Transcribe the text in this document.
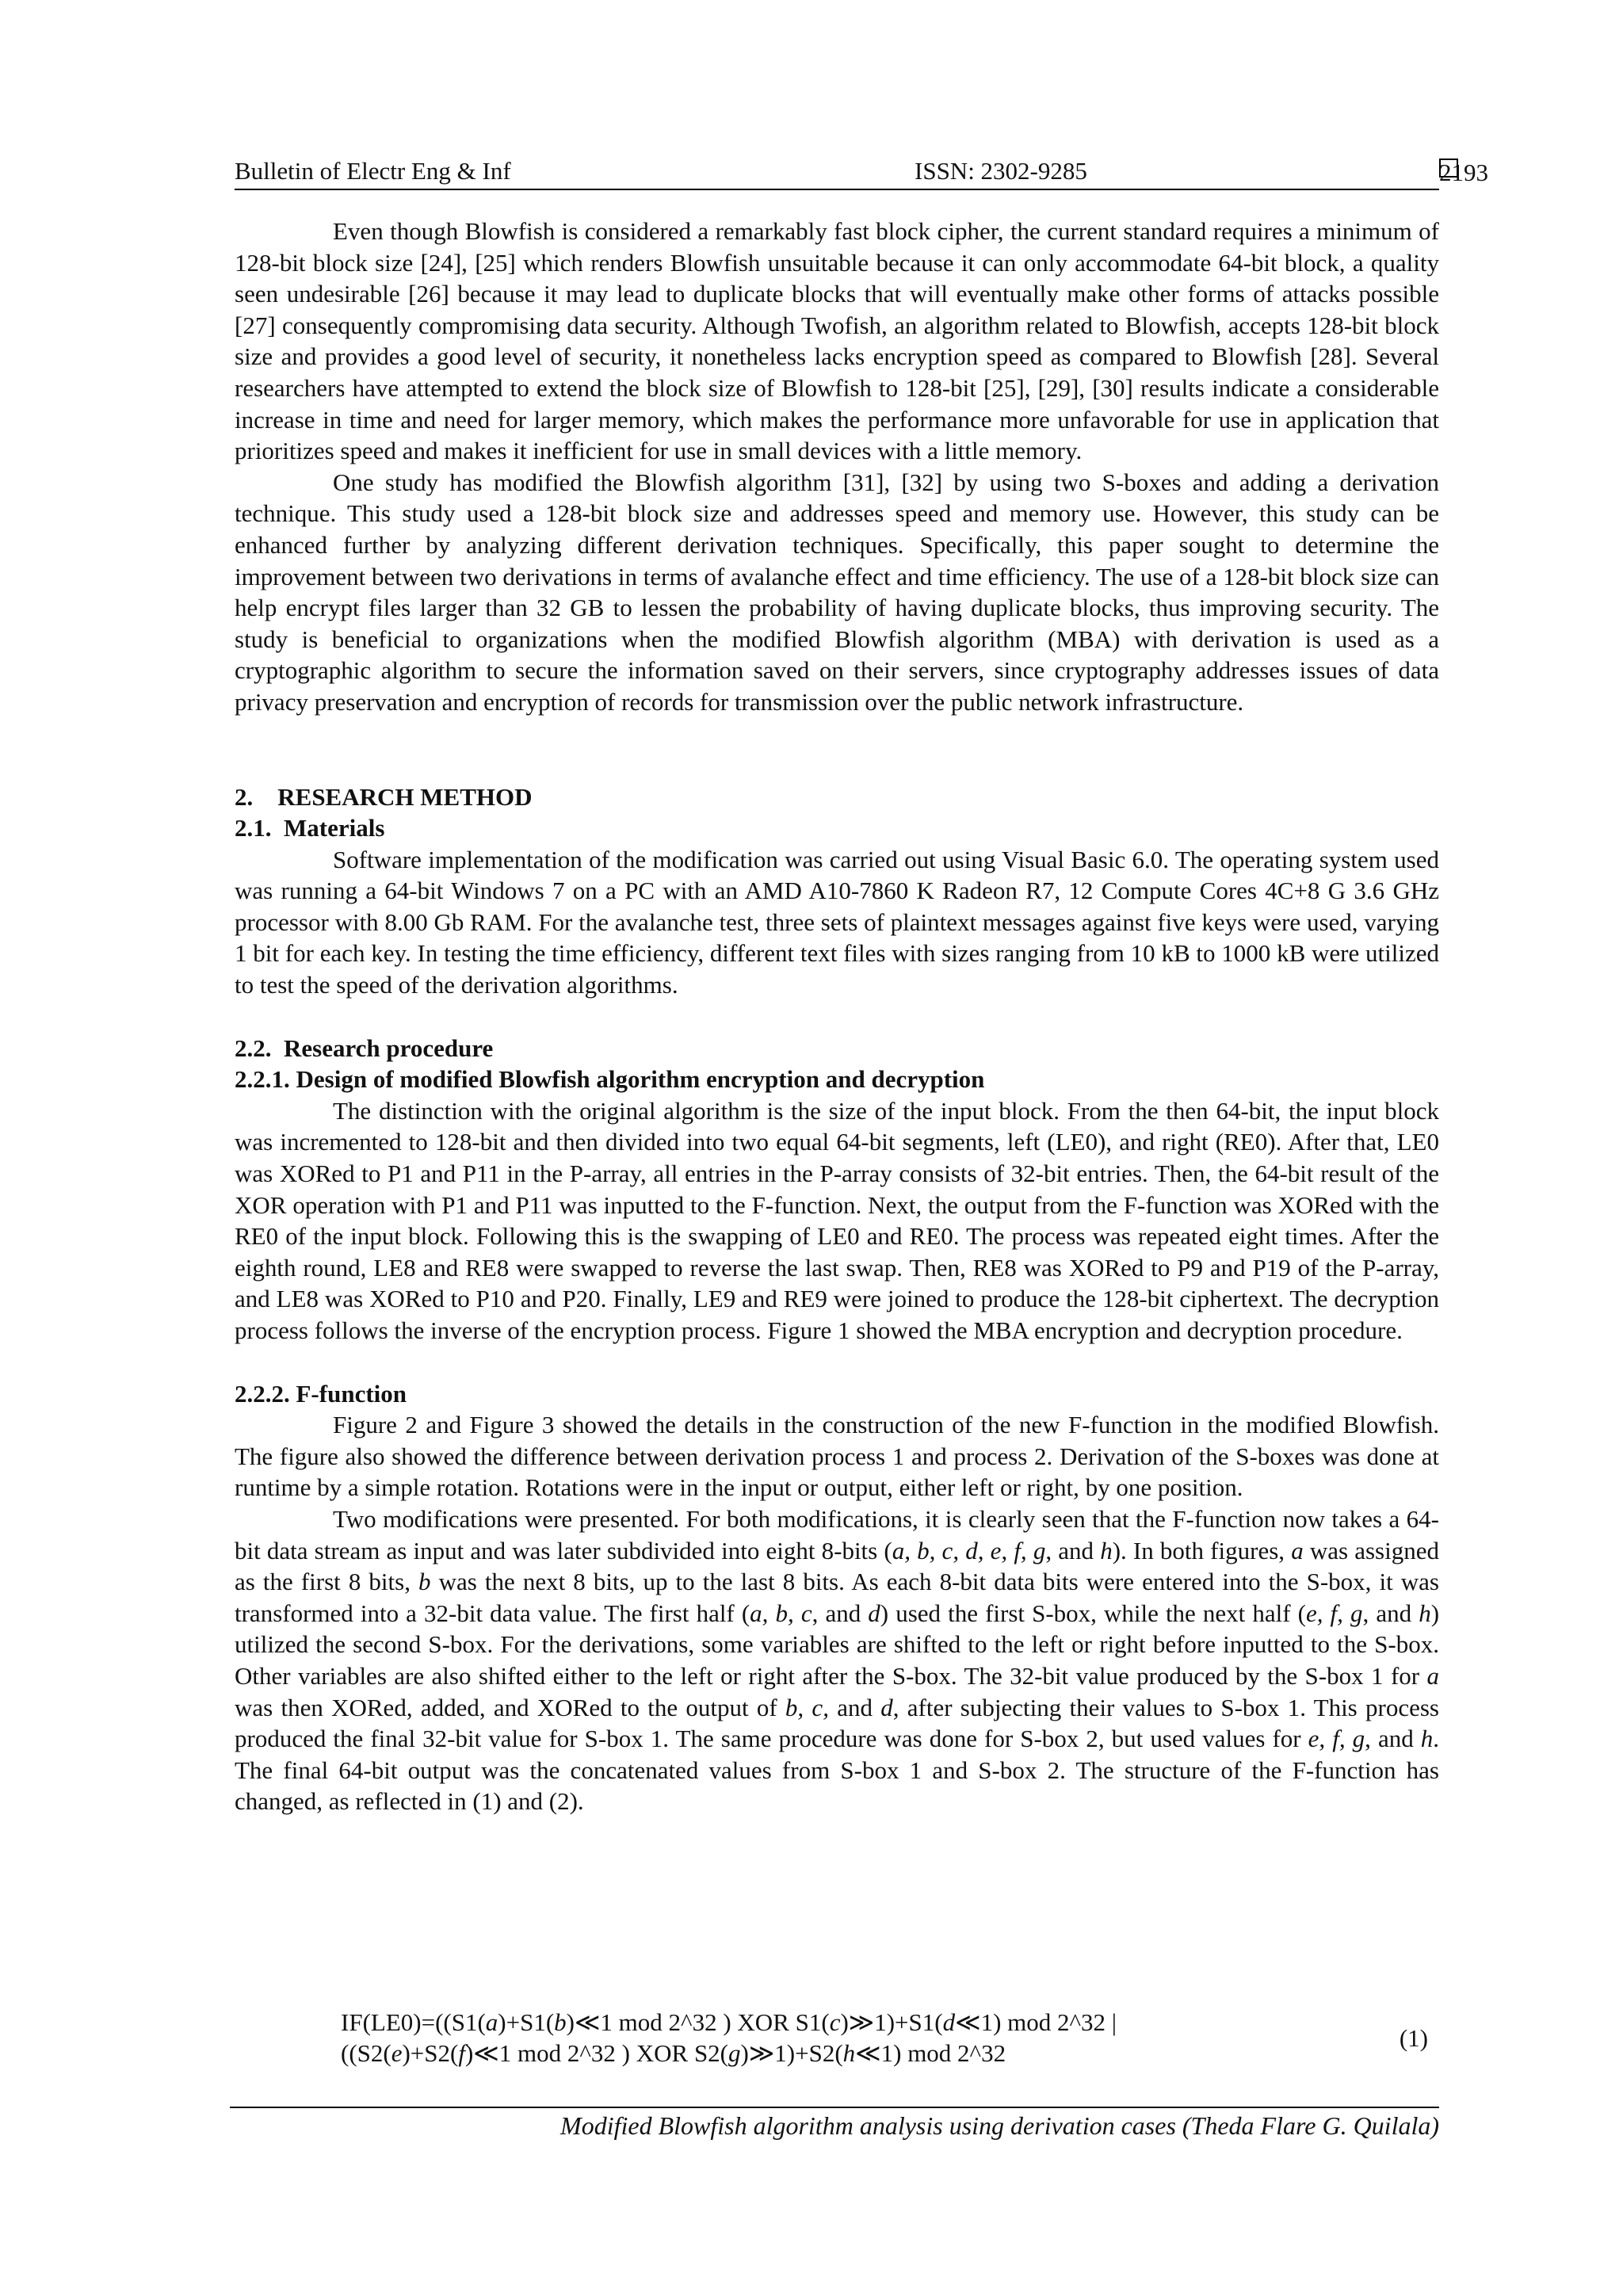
Bulletin of Electr Eng & Inf	ISSN: 2302-9285	2193

Even though Blowfish is considered a remarkably fast block cipher, the current standard requires a minimum of 128-bit block size [24], [25] which renders Blowfish unsuitable because it can only accommodate 64-bit block, a quality seen undesirable [26] because it may lead to duplicate blocks that will eventually make other forms of attacks possible [27] consequently compromising data security. Although Twofish, an algorithm related to Blowfish, accepts 128-bit block size and provides a good level of security, it nonetheless lacks encryption speed as compared to Blowfish [28]. Several researchers have attempted to extend the block size of Blowfish to 128-bit [25], [29], [30] results indicate a considerable increase in time and need for larger memory, which makes the performance more unfavorable for use in application that prioritizes speed and makes it inefficient for use in small devices with a little memory.

One study has modified the Blowfish algorithm [31], [32] by using two S-boxes and adding a derivation technique. This study used a 128-bit block size and addresses speed and memory use. However, this study can be enhanced further by analyzing different derivation techniques. Specifically, this paper sought to determine the improvement between two derivations in terms of avalanche effect and time efficiency. The use of a 128-bit block size can help encrypt files larger than 32 GB to lessen the probability of having duplicate blocks, thus improving security. The study is beneficial to organizations when the modified Blowfish algorithm (MBA) with derivation is used as a cryptographic algorithm to secure the information saved on their servers, since cryptography addresses issues of data privacy preservation and encryption of records for transmission over the public network infrastructure.

2.    RESEARCH METHOD
2.1.  Materials

Software implementation of the modification was carried out using Visual Basic 6.0. The operating system used was running a 64-bit Windows 7 on a PC with an AMD A10-7860 K Radeon R7, 12 Compute Cores 4C+8 G 3.6 GHz processor with 8.00 Gb RAM. For the avalanche test, three sets of plaintext messages against five keys were used, varying 1 bit for each key. In testing the time efficiency, different text files with sizes ranging from 10 kB to 1000 kB were utilized to test the speed of the derivation algorithms.

2.2.  Research procedure
2.2.1. Design of modified Blowfish algorithm encryption and decryption

The distinction with the original algorithm is the size of the input block. From the then 64-bit, the input block was incremented to 128-bit and then divided into two equal 64-bit segments, left (LE0), and right (RE0). After that, LE0 was XORed to P1 and P11 in the P-array, all entries in the P-array consists of 32-bit entries. Then, the 64-bit result of the XOR operation with P1 and P11 was inputted to the F-function. Next, the output from the F-function was XORed with the RE0 of the input block. Following this is the swapping of LE0 and RE0. The process was repeated eight times. After the eighth round, LE8 and RE8 were swapped to reverse the last swap. Then, RE8 was XORed to P9 and P19 of the P-array, and LE8 was XORed to P10 and P20. Finally, LE9 and RE9 were joined to produce the 128-bit ciphertext. The decryption process follows the inverse of the encryption process. Figure 1 showed the MBA encryption and decryption procedure.

2.2.2. F-function

Figure 2 and Figure 3 showed the details in the construction of the new F-function in the modified Blowfish. The figure also showed the difference between derivation process 1 and process 2. Derivation of the S-boxes was done at runtime by a simple rotation. Rotations were in the input or output, either left or right, by one position.

Two modifications were presented. For both modifications, it is clearly seen that the F-function now takes a 64-bit data stream as input and was later subdivided into eight 8-bits (a, b, c, d, e, f, g, and h). In both figures, a was assigned as the first 8 bits, b was the next 8 bits, up to the last 8 bits. As each 8-bit data bits were entered into the S-box, it was transformed into a 32-bit data value. The first half (a, b, c, and d) used the first S-box, while the next half (e, f, g, and h) utilized the second S-box. For the derivations, some variables are shifted to the left or right before inputted to the S-box. Other variables are also shifted either to the left or right after the S-box. The 32-bit value produced by the S-box 1 for a was then XORed, added, and XORed to the output of b, c, and d, after subjecting their values to S-box 1. This process produced the final 32-bit value for S-box 1. The same procedure was done for S-box 2, but used values for e, f, g, and h. The final 64-bit output was the concatenated values from S-box 1 and S-box 2. The structure of the F-function has changed, as reflected in (1) and (2).

IF(LE0)=((S1(a)+S1(b)≪1 mod 2^32 ) XOR S1(c)≫1)+S1(d≪1) mod 2^32 |
((S2(e)+S2(f)≪1 mod 2^32 ) XOR S2(g)≫1)+S2(h≪1) mod 2^32
(1)
Modified Blowfish algorithm analysis using derivation cases (Theda Flare G. Quilala)
